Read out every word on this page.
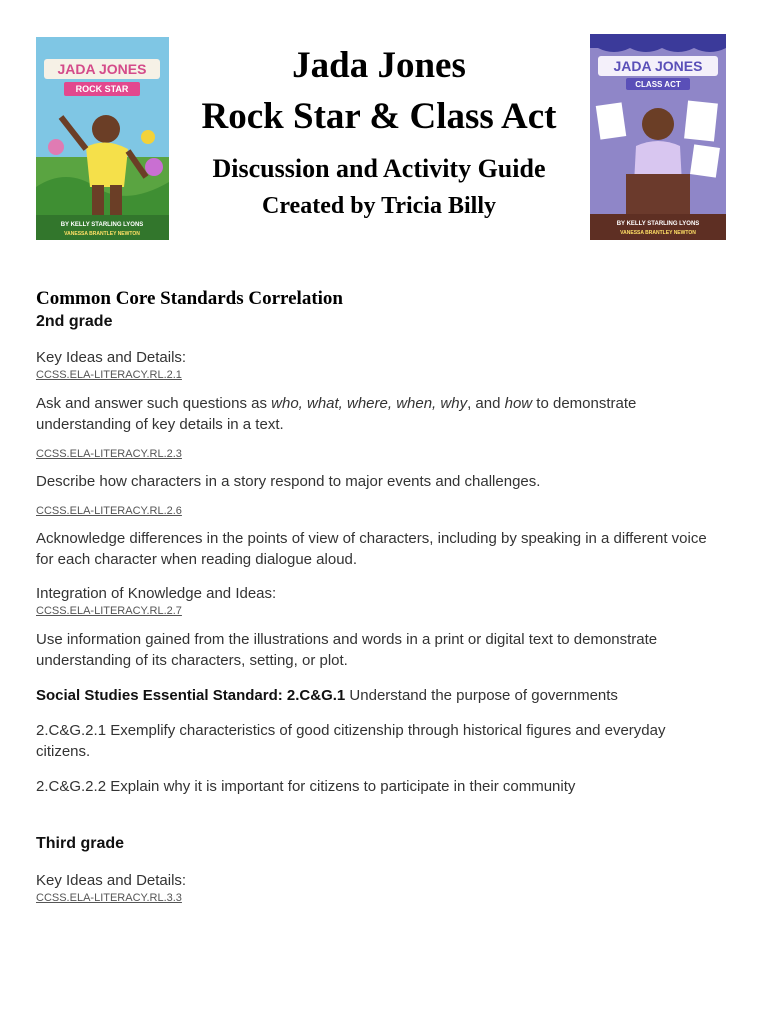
JADA JONES
ROCK STAR
BY KELLY STARLING LYONS
VANESSA BRANTLEY NEWTON
JADA JONES
CLASS ACT
BY KELLY STARLING LYONS
VANESSA BRANTLEY NEWTON
Jada Jones
Rock Star & Class Act
Discussion and Activity Guide
Created by Tricia Billy
Common Core Standards Correlation
2nd grade
Key Ideas and Details:
CCSS.ELA-LITERACY.RL.2.1
Ask and answer such questions as who, what, where, when, why, and how to demonstrate understanding of key details in a text.
CCSS.ELA-LITERACY.RL.2.3
Describe how characters in a story respond to major events and challenges.
CCSS.ELA-LITERACY.RL.2.6
Acknowledge differences in the points of view of characters, including by speaking in a different voice for each character when reading dialogue aloud.
Integration of Knowledge and Ideas:
CCSS.ELA-LITERACY.RL.2.7
Use information gained from the illustrations and words in a print or digital text to demonstrate understanding of its characters, setting, or plot.
Social Studies Essential Standard: 2.C&G.1 Understand the purpose of governments
2.C&G.2.1 Exemplify characteristics of good citizenship through historical figures and everyday citizens.
2.C&G.2.2 Explain why it is important for citizens to participate in their community
Third grade
Key Ideas and Details:
CCSS.ELA-LITERACY.RL.3.3
